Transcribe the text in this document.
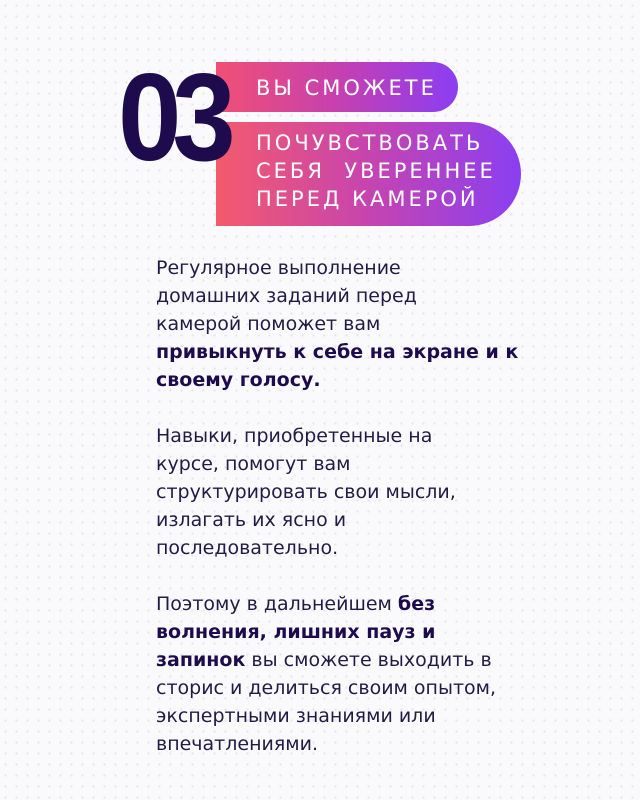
ВЫ СМОЖЕТЕ
ПОЧУВСТВОВАТЬ
СЕБЯ  УВЕРЕННЕЕ
ПЕРЕД КАМЕРОЙ
03

Регулярное выполнение
домашних заданий перед
камерой поможет вам
привыкнуть к себе на экране и к
своему голосу.

Навыки, приобретенные на
курсе, помогут вам
структурировать свои мысли,
излагать их ясно и
последовательно.

Поэтому в дальнейшем без
волнения, лишних пауз и
запинок вы сможете выходить в
сторис и делиться своим опытом,
экспертными знаниями или
впечатлениями.
